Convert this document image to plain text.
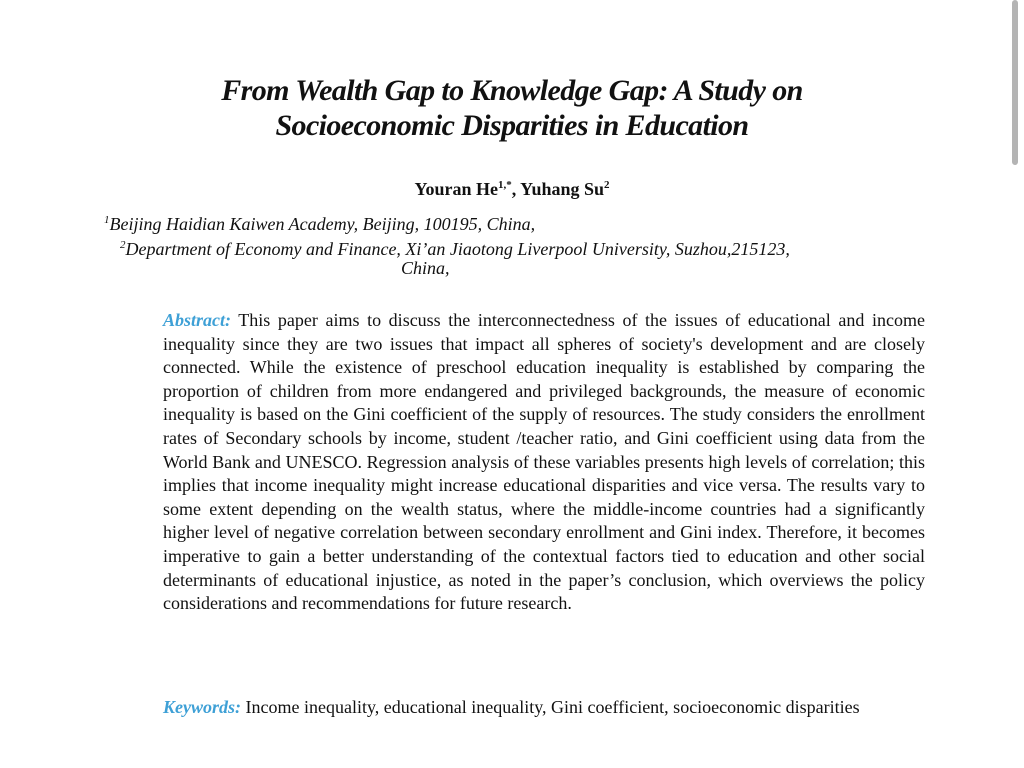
From Wealth Gap to Knowledge Gap: A Study on
Socioeconomic Disparities in Education
Youran $He^{1,*}$, Yuhang Su$^2$
$^1$Beijing Haidian Kaiwen Academy, Beijing, 100195, China,
$^2$Department of Economy and Finance, Xi’an Jiaotong Liverpool University, Suzhou,215123,
China,
Abstract: This paper aims to discuss the interconnectedness of the issues of educational and income inequality since they are two issues that impact all spheres of society's development and are closely connected. While the existence of preschool education inequality is established by comparing the proportion of children from more endangered and privileged backgrounds, the measure of economic inequality is based on the Gini coefficient of the supply of resources. The study considers the enrollment rates of Secondary schools by income, student /teacher ratio, and Gini coefficient using data from the World Bank and UNESCO. Regression analysis of these variables presents high levels of correlation; this implies that income inequality might increase educational disparities and vice versa. The results vary to some extent depending on the wealth status, where the middle-income countries had a significantly higher level of negative correlation between secondary enrollment and Gini index. Therefore, it becomes imperative to gain a better understanding of the contextual factors tied to education and other social determinants of educational injustice, as noted in the paper’s conclusion, which overviews the policy considerations and recommendations for future research.
Keywords: Income inequality, educational inequality, Gini coefficient, socioeconomic disparities
